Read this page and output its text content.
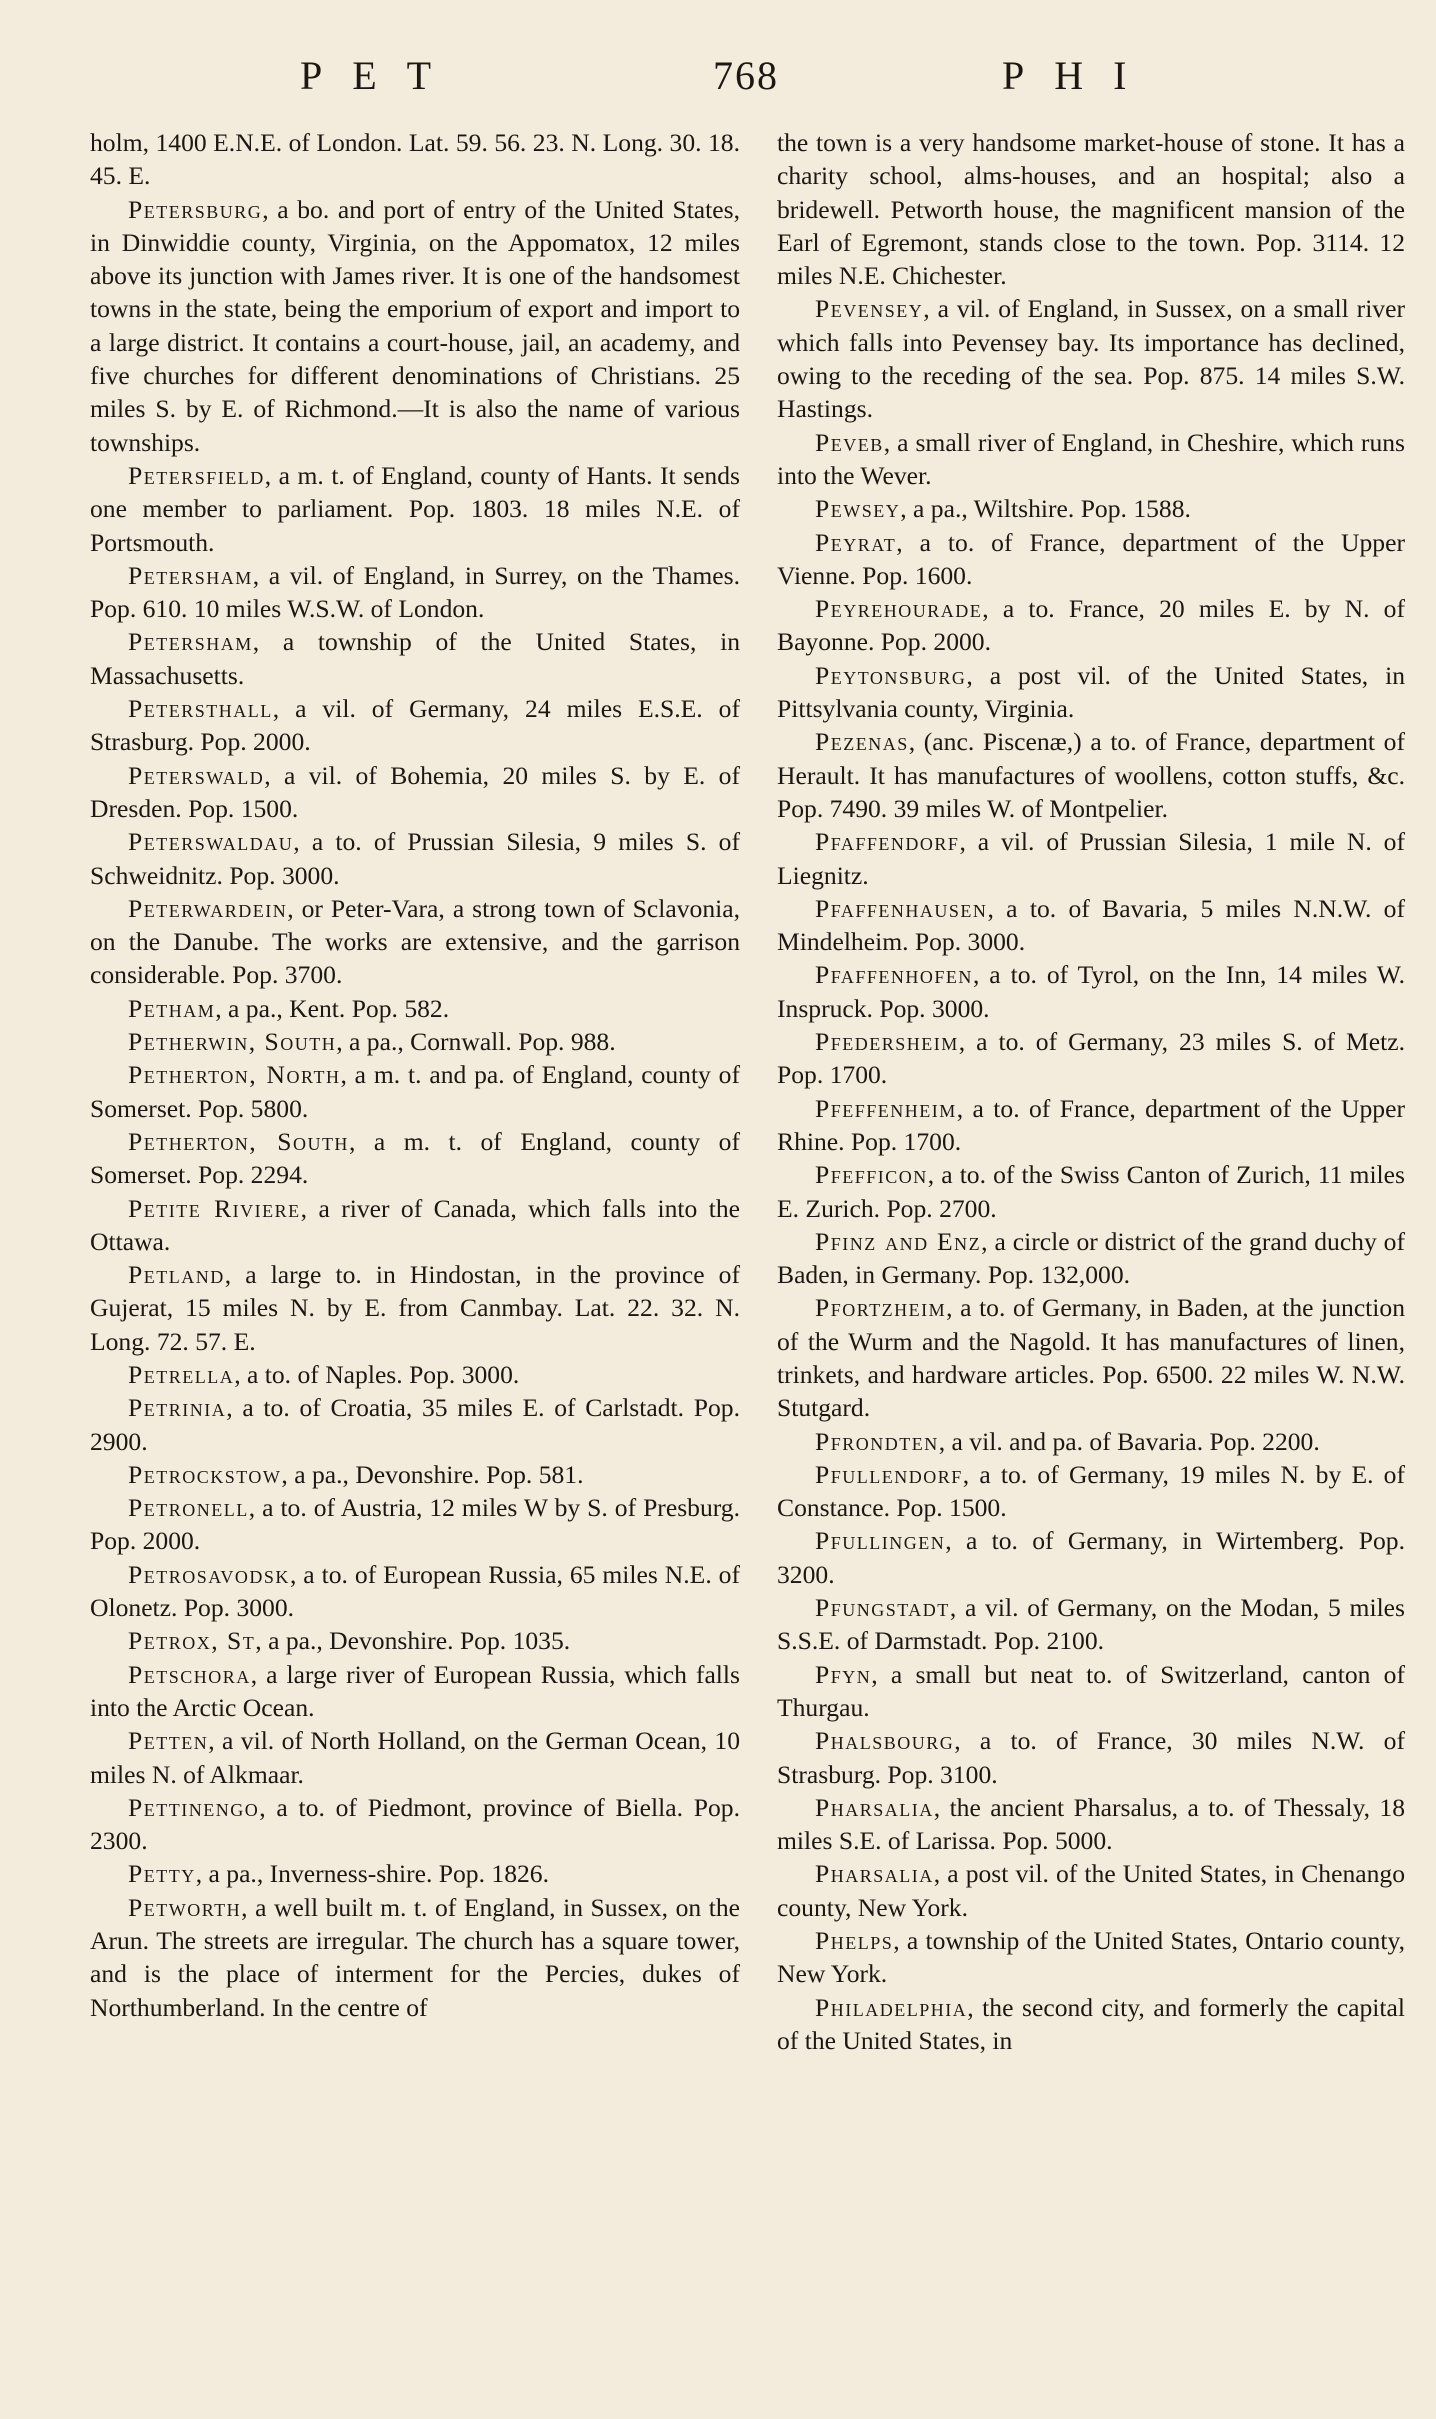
PET	768	PHI

holm, 1400 E.N.E. of London. Lat. 59. 56. 23. N. Long. 30. 18. 45. E.

Petersburg, a bo. and port of entry of the United States, in Dinwiddie county, Virginia, on the Appomatox, 12 miles above its junction with James river. It is one of the handsomest towns in the state, being the emporium of export and import to a large district. It contains a court-house, jail, an academy, and five churches for different denominations of Christians. 25 miles S. by E. of Richmond.—It is also the name of various townships.

Petersfield, a m. t. of England, county of Hants. It sends one member to parliament. Pop. 1803. 18 miles N.E. of Portsmouth.

Petersham, a vil. of England, in Surrey, on the Thames. Pop. 610. 10 miles W.S.W. of London.

Petersham, a township of the United States, in Massachusetts.

Petersthall, a vil. of Germany, 24 miles E.S.E. of Strasburg. Pop. 2000.

Peterswald, a vil. of Bohemia, 20 miles S. by E. of Dresden. Pop. 1500.

Peterswaldau, a to. of Prussian Silesia, 9 miles S. of Schweidnitz. Pop. 3000.

Peterwardein, or Peter-Vara, a strong town of Sclavonia, on the Danube. The works are extensive, and the garrison considerable. Pop. 3700.

Petham, a pa., Kent. Pop. 582.

Petherwin, South, a pa., Cornwall. Pop. 988.

Petherton, North, a m. t. and pa. of England, county of Somerset. Pop. 5800.

Petherton, South, a m. t. of England, county of Somerset. Pop. 2294.

Petite Riviere, a river of Canada, which falls into the Ottawa.

Petland, a large to. in Hindostan, in the province of Gujerat, 15 miles N. by E. from Canmbay. Lat. 22. 32. N. Long. 72. 57. E.

Petrella, a to. of Naples. Pop. 3000.

Petrinia, a to. of Croatia, 35 miles E. of Carlstadt. Pop. 2900.

Petrockstow, a pa., Devonshire. Pop. 581.

Petronell, a to. of Austria, 12 miles W by S. of Presburg. Pop. 2000.

Petrosavodsk, a to. of European Russia, 65 miles N.E. of Olonetz. Pop. 3000.

Petrox, St, a pa., Devonshire. Pop. 1035.

Petschora, a large river of European Russia, which falls into the Arctic Ocean.

Petten, a vil. of North Holland, on the German Ocean, 10 miles N. of Alkmaar.

Pettinengo, a to. of Piedmont, province of Biella. Pop. 2300.

Petty, a pa., Inverness-shire. Pop. 1826.

Petworth, a well built m. t. of England, in Sussex, on the Arun. The streets are irregular. The church has a square tower, and is the place of interment for the Percies, dukes of Northumberland. In the centre of

the town is a very handsome market-house of stone. It has a charity school, alms-houses, and an hospital; also a bridewell. Petworth house, the magnificent mansion of the Earl of Egremont, stands close to the town. Pop. 3114. 12 miles N.E. Chichester.

Pevensey, a vil. of England, in Sussex, on a small river which falls into Pevensey bay. Its importance has declined, owing to the receding of the sea. Pop. 875. 14 miles S.W. Hastings.

Peveb, a small river of England, in Cheshire, which runs into the Wever.

Pewsey, a pa., Wiltshire. Pop. 1588.

Peyrat, a to. of France, department of the Upper Vienne. Pop. 1600.

Peyrehourade, a to. France, 20 miles E. by N. of Bayonne. Pop. 2000.

Peytonsburg, a post vil. of the United States, in Pittsylvania county, Virginia.

Pezenas, (anc. Piscenæ,) a to. of France, department of Herault. It has manufactures of woollens, cotton stuffs, &c. Pop. 7490. 39 miles W. of Montpelier.

Pfaffendorf, a vil. of Prussian Silesia, 1 mile N. of Liegnitz.

Pfaffenhausen, a to. of Bavaria, 5 miles N.N.W. of Mindelheim. Pop. 3000.

Pfaffenhofen, a to. of Tyrol, on the Inn, 14 miles W. Inspruck. Pop. 3000.

Pfedersheim, a to. of Germany, 23 miles S. of Metz. Pop. 1700.

Pfeffenheim, a to. of France, department of the Upper Rhine. Pop. 1700.

Pfefficon, a to. of the Swiss Canton of Zurich, 11 miles E. Zurich. Pop. 2700.

Pfinz and Enz, a circle or district of the grand duchy of Baden, in Germany. Pop. 132,000.

Pfortzheim, a to. of Germany, in Baden, at the junction of the Wurm and the Nagold. It has manufactures of linen, trinkets, and hardware articles. Pop. 6500. 22 miles W. N.W. Stutgard.

Pfrondten, a vil. and pa. of Bavaria. Pop. 2200.

Pfullendorf, a to. of Germany, 19 miles N. by E. of Constance. Pop. 1500.

Pfullingen, a to. of Germany, in Wirtemberg. Pop. 3200.

Pfungstadt, a vil. of Germany, on the Modan, 5 miles S.S.E. of Darmstadt. Pop. 2100.

Pfyn, a small but neat to. of Switzerland, canton of Thurgau.

Phalsbourg, a to. of France, 30 miles N.W. of Strasburg. Pop. 3100.

Pharsalia, the ancient Pharsalus, a to. of Thessaly, 18 miles S.E. of Larissa. Pop. 5000.

Pharsalia, a post vil. of the United States, in Chenango county, New York.

Phelps, a township of the United States, Ontario county, New York.

Philadelphia, the second city, and formerly the capital of the United States, in
